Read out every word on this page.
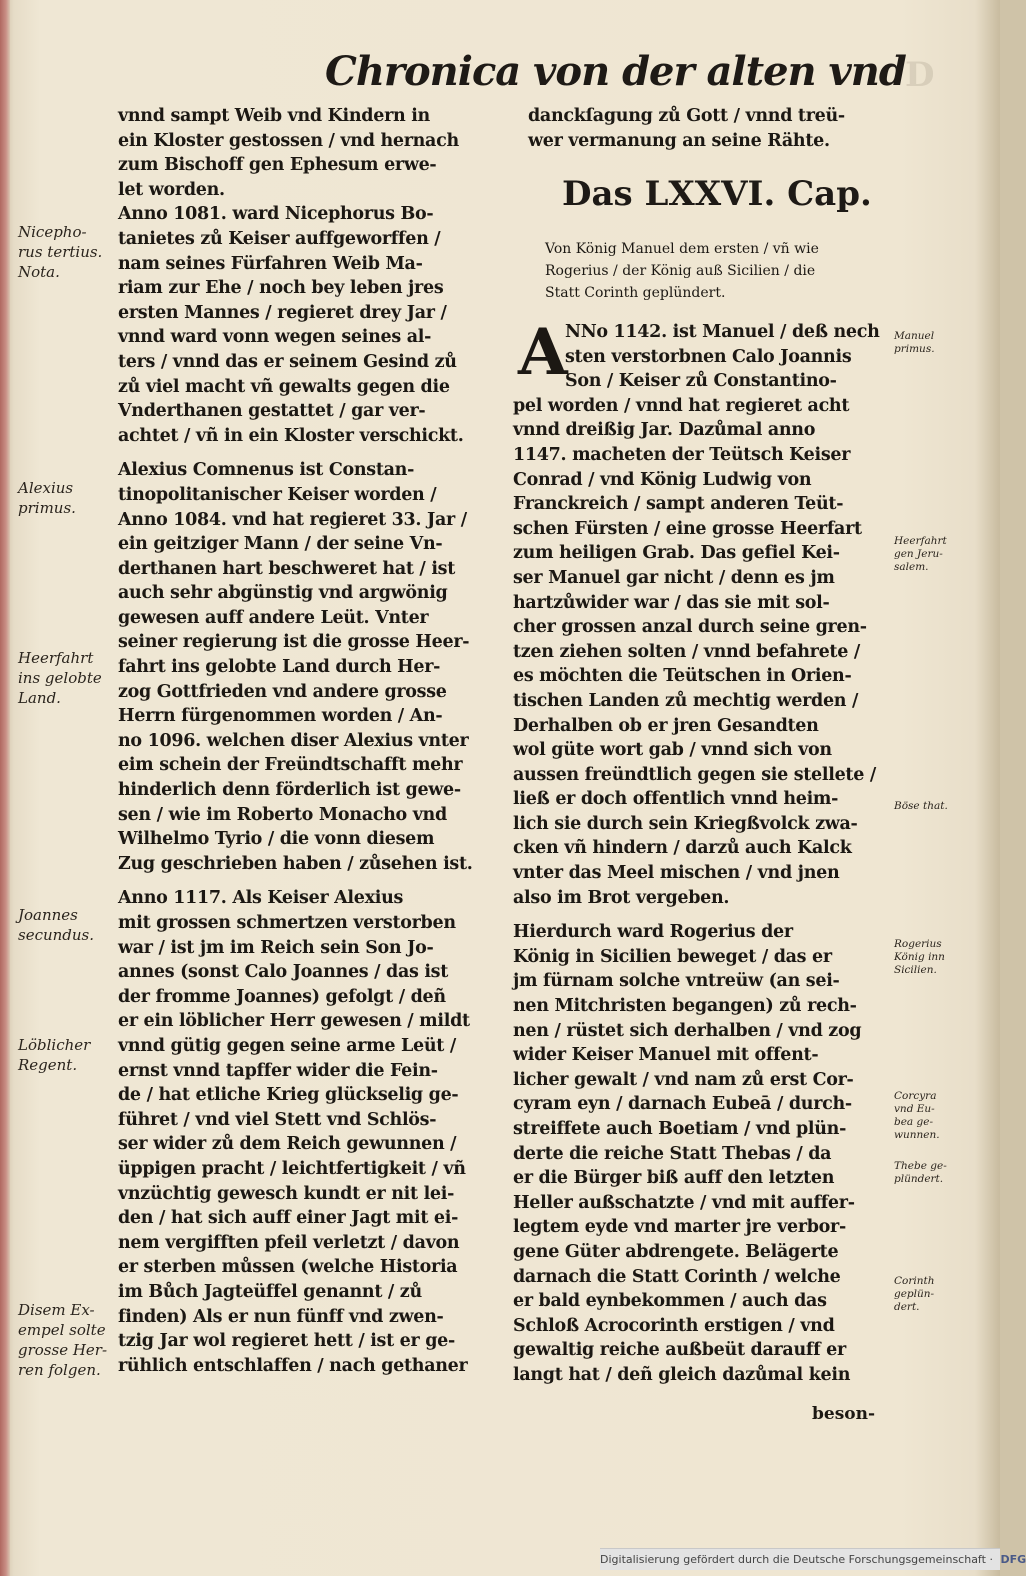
D
Chronica von der alten vnd
vnnd sampt Weib vnd Kindern in
ein Kloster gestossen / vnd hernach
zum Bischoff gen Ephesum erwe-
let worden.
Anno 1081. ward Nicephorus Bo-
tanietes zů Keiser auffgeworffen /
nam seines Fürfahren Weib Ma-
riam zur Ehe / noch bey leben jres
ersten Mannes / regieret drey Jar /
vnnd ward vonn wegen seines al-
ters / vnnd das er seinem Gesind zů
zů viel macht vñ gewalts gegen die
Vnderthanen gestattet / gar ver-
achtet / vñ in ein Kloster verschickt.
Alexius Comnenus ist Constan-
tinopolitanischer Keiser worden /
Anno 1084. vnd hat regieret 33. Jar /
ein geitziger Mann / der seine Vn-
derthanen hart beschweret hat / ist
auch sehr abgünstig vnd argwönig
gewesen auff andere Leüt. Vnter
seiner regierung ist die grosse Heer-
fahrt ins gelobte Land durch Her-
zog Gottfrieden vnd andere grosse
Herrn fürgenommen worden / An-
no 1096. welchen diser Alexius vnter
eim schein der Freündtschafft mehr
hinderlich denn förderlich ist gewe-
sen / wie im Roberto Monacho vnd
Wilhelmo Tyrio / die vonn diesem
Zug geschrieben haben / zůsehen ist.
Anno 1117. Als Keiser Alexius
mit grossen schmertzen verstorben
war / ist jm im Reich sein Son Jo-
annes (sonst Calo Joannes / das ist
der fromme Joannes) gefolgt / deñ
er ein löblicher Herr gewesen / mildt
vnnd gütig gegen seine arme Leüt /
ernst vnnd tapffer wider die Fein-
de / hat etliche Krieg glückselig ge-
führet / vnd viel Stett vnd Schlös-
ser wider zů dem Reich gewunnen /
üppigen pracht / leichtfertigkeit / vñ
vnzüchtig gewesch kundt er nit lei-
den / hat sich auff einer Jagt mit ei-
nem vergifften pfeil verletzt / davon
er sterben můssen (welche Historia
im Bůch Jagteüffel genannt / zů
finden) Als er nun fünff vnd zwen-
tzig Jar wol regieret hett / ist er ge-
rühlich entschlaffen / nach gethaner
danckſagung zů Gott / vnnd treü-
wer vermanung an seine Rähte.
Das LXXVI. Cap.
Von König Manuel dem ersten / vñ wie
Rogerius / der König auß Sicilien / die
Statt Corinth geplündert.
A
NNo 1142. ist Manuel / deß nech
sten verstorbnen Calo Joannis
Son / Keiser zů Constantino-
pel worden / vnnd hat regieret acht
vnnd dreißig Jar. Dazůmal anno
1147. macheten der Teütsch Keiser
Conrad / vnd König Ludwig von
Franckreich / sampt anderen Teüt-
schen Fürsten / eine grosse Heerfart
zum heiligen Grab. Das gefiel Kei-
ser Manuel gar nicht / denn es jm
hartzůwider war / das sie mit sol-
cher grossen anzal durch seine gren-
tzen ziehen solten / vnnd befahrete /
es möchten die Teütschen in Orien-
tischen Landen zů mechtig werden /
Derhalben ob er jren Gesandten
wol güte wort gab / vnnd sich von
aussen freündtlich gegen sie stellete /
ließ er doch offentlich vnnd heim-
lich sie durch sein Kriegßvolck zwa-
cken vñ hindern / darzů auch Kalck
vnter das Meel mischen / vnd jnen
also im Brot vergeben.
Hierdurch ward Rogerius der
König in Sicilien beweget / das er
jm fürnam solche vntreüw (an sei-
nen Mitchristen begangen) zů rech-
nen / rüstet sich derhalben / vnd zog
wider Keiser Manuel mit offent-
licher gewalt / vnd nam zů erst Cor-
cyram eyn / darnach Eubeā / durch-
streiffete auch Boetiam / vnd plün-
derte die reiche Statt Thebas / da
er die Bürger biß auff den letzten
Heller außschatzte / vnd mit auffer-
legtem eyde vnd marter jre verbor-
gene Güter abdrengete. Belägerte
darnach die Statt Corinth / welche
er bald eynbekommen / auch das
Schloß Acrocorinth erstigen / vnd
gewaltig reiche außbeüt darauff er
langt hat / deñ gleich dazůmal kein
Nicepho-
rus tertius.
Nota.
Alexius
primus.
Heerfahrt
ins gelobte
Land.
Joannes
secundus.
Löblicher
Regent.
Disem Ex-
empel solte
grosse Her-
ren folgen.
Manuel
primus.
Heerfahrt
gen Jeru-
salem.
Böse that.
Rogerius
König inn
Sicilien.
Corcyra
vnd Eu-
bea ge-
wunnen.
Thebe ge-
plündert.
Corinth
geplün-
dert.
beson-
Digitalisierung gefördert durch die Deutsche Forschungsgemeinschaft · DFG
